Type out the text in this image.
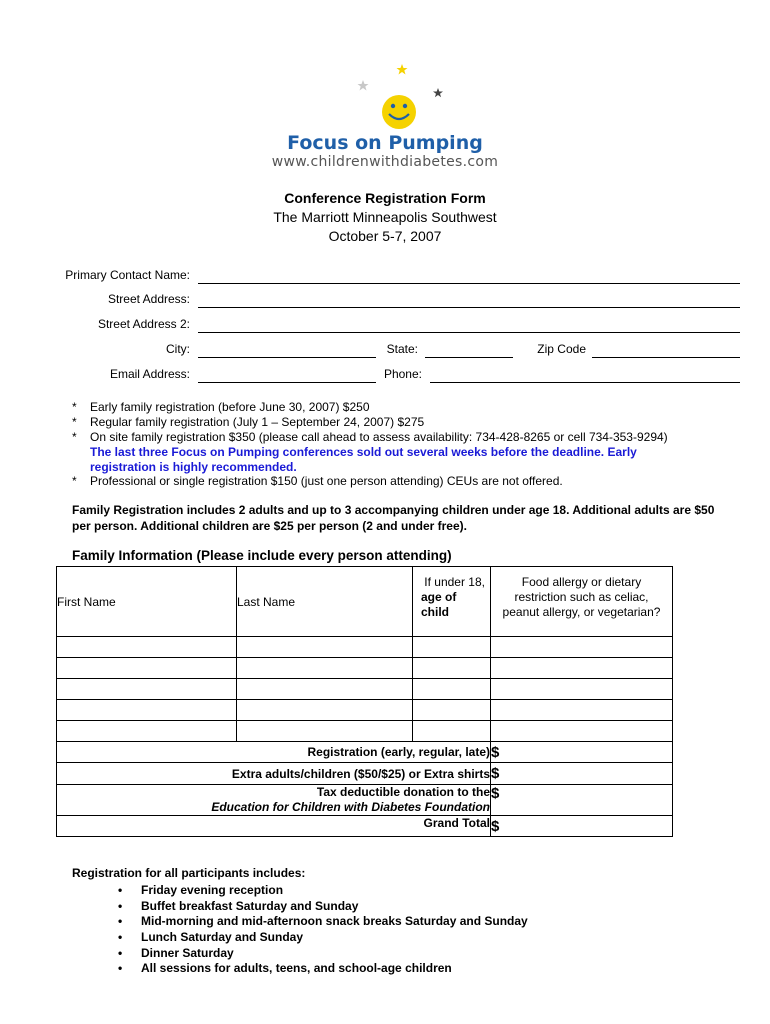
Focus on Pumping
www.childrenwithdiabetes.com
Conference Registration Form
The Marriott Minneapolis Southwest
October 5-7, 2007
Primary Contact Name:
Street Address:
Street Address 2:
City:	State:	Zip Code
Email Address:	Phone:
* Early family registration (before June 30, 2007) $250
* Regular family registration (July 1 – September 24, 2007) $275
* On site family registration $350 (please call ahead to assess availability: 734-428-8265 or cell 734-353-9294)
The last three Focus on Pumping conferences sold out several weeks before the deadline. Early registration is highly recommended.
* Professional or single registration $150 (just one person attending) CEUs are not offered.
Family Registration includes 2 adults and up to 3 accompanying children under age 18. Additional adults are $50 per person. Additional children are $25 per person (2 and under free).
Family Information (Please include every person attending)
First Name	Last Name	If under 18,
age of
child	Food allergy or dietary restriction such as celiac, peanut allergy, or vegetarian?

Registration (early, regular, late)			$
Extra adults/children ($50/$25) or Extra shirts			$

Tax deductible donation to the
Education for Children with Diabetes Foundation			$
Grand Total			$
Registration for all participants includes:
• Friday evening reception
• Buffet breakfast Saturday and Sunday
• Mid-morning and mid-afternoon snack breaks Saturday and Sunday
• Lunch Saturday and Sunday
• Dinner Saturday
• All sessions for adults, teens, and school-age children
